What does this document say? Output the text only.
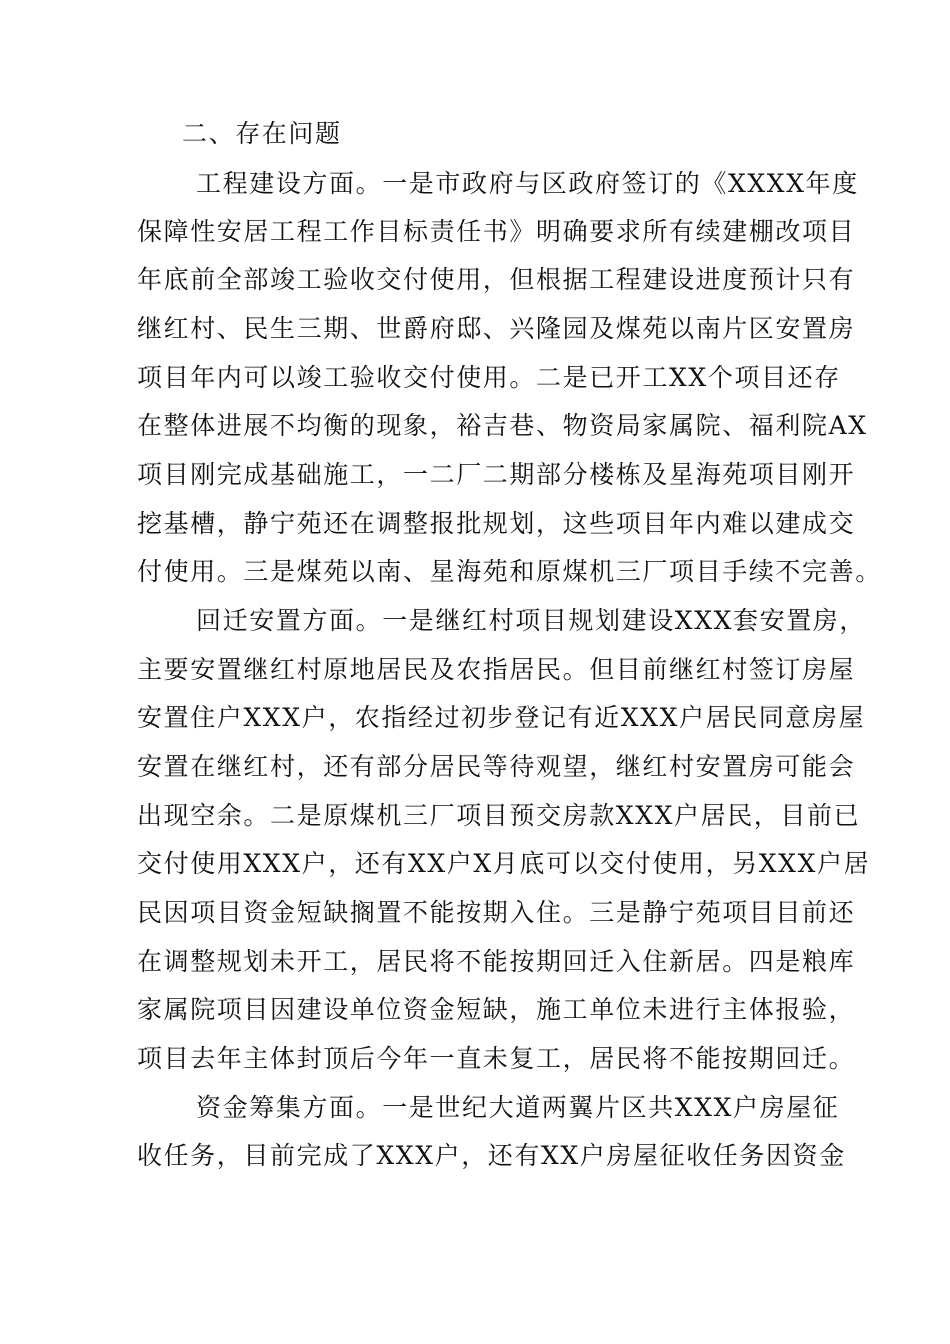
二、存在问题

工程建设方面。一是市政府与区政府签订的《XXXX年度

保障性安居工程工作目标责任书》明确要求所有续建棚改项目

年底前全部竣工验收交付使用，但根据工程建设进度预计只有

继红村、民生三期、世爵府邸、兴隆园及煤苑以南片区安置房

项目年内可以竣工验收交付使用。二是已开工XX个项目还存

在整体进展不均衡的现象，裕吉巷、物资局家属院、福利院AX

项目刚完成基础施工，一二厂二期部分楼栋及星海苑项目刚开

挖基槽，静宁苑还在调整报批规划，这些项目年内难以建成交

付使用。三是煤苑以南、星海苑和原煤机三厂项目手续不完善。

回迁安置方面。一是继红村项目规划建设XXX套安置房，

主要安置继红村原地居民及农指居民。但目前继红村签订房屋

安置住户XXX户，农指经过初步登记有近XXX户居民同意房屋

安置在继红村，还有部分居民等待观望，继红村安置房可能会

出现空余。二是原煤机三厂项目预交房款XXX户居民，目前已

交付使用XXX户，还有XX户X月底可以交付使用，另XXX户居

民因项目资金短缺搁置不能按期入住。三是静宁苑项目目前还

在调整规划未开工，居民将不能按期回迁入住新居。四是粮库

家属院项目因建设单位资金短缺，施工单位未进行主体报验，

项目去年主体封顶后今年一直未复工，居民将不能按期回迁。

资金筹集方面。一是世纪大道两翼片区共XXX户房屋征

收任务，目前完成了XXX户，还有XX户房屋征收任务因资金
